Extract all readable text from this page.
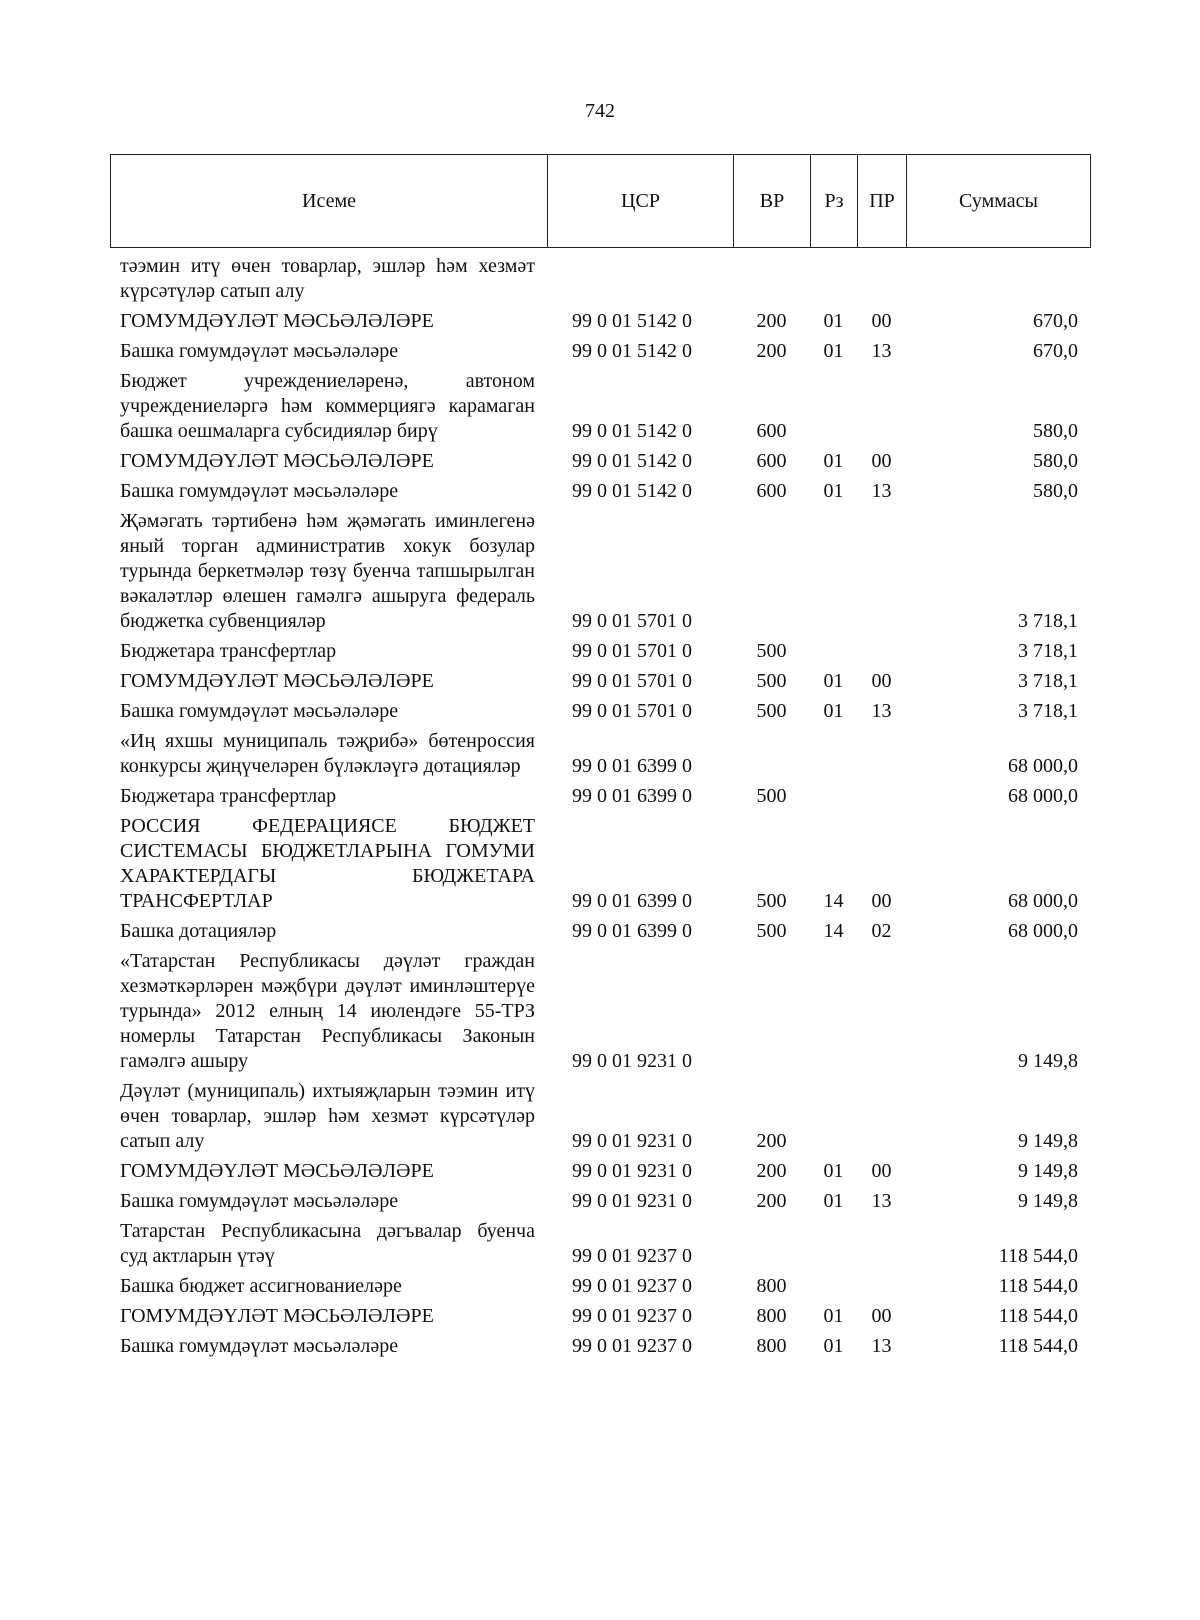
742
Исеме	ЦСР	ВР	Рз	ПР	Суммасы
тәэмин итү өчен товарлар, эшләр һәм хезмәт күрсәтүләр сатып алу					
ГОМУМДӘҮЛӘТ МӘСЬӘЛӘЛӘРЕ	99 0 01 5142 0	200	01	00	670,0
Башка гомумдәүләт мәсьәләләре	99 0 01 5142 0	200	01	13	670,0
Бюджет учреждениеләренә, автоном учреждениеләргә һәм коммерциягә карамаган башка оешмаларга субсидияләр бирү	99 0 01 5142 0	600			580,0
ГОМУМДӘҮЛӘТ МӘСЬӘЛӘЛӘРЕ	99 0 01 5142 0	600	01	00	580,0
Башка гомумдәүләт мәсьәләләре	99 0 01 5142 0	600	01	13	580,0
Җәмәгать тәртибенә һәм җәмәгать иминлегенә яный торган административ хокук бозулар турында беркетмәләр төзү буенча тапшырылган вәкаләтләр өлешен гамәлгә ашыруга федераль бюджетка субвенцияләр	99 0 01 5701 0				3 718,1
Бюджетара трансфертлар	99 0 01 5701 0	500			3 718,1
ГОМУМДӘҮЛӘТ МӘСЬӘЛӘЛӘРЕ	99 0 01 5701 0	500	01	00	3 718,1
Башка гомумдәүләт мәсьәләләре	99 0 01 5701 0	500	01	13	3 718,1
«Иң яхшы муниципаль тәҗрибә» бөтенроссия конкурсы җиңүчеләрен бүләкләүгә дотацияләр	99 0 01 6399 0				68 000,0
Бюджетара трансфертлар	99 0 01 6399 0	500			68 000,0
РОССИЯ ФЕДЕРАЦИЯСЕ БЮДЖЕТ СИСТЕМАСЫ БЮДЖЕТЛАРЫНА ГОМУМИ ХАРАКТЕРДАГЫ БЮДЖЕТАРА ТРАНСФЕРТЛАР	99 0 01 6399 0	500	14	00	68 000,0
Башка дотацияләр	99 0 01 6399 0	500	14	02	68 000,0
«Татарстан Республикасы дәүләт граждан хезмәткәрләрен мәҗбүри дәүләт иминләштерүе турында» 2012 елның 14 июлендәге 55-ТРЗ номерлы Татарстан Республикасы Законын гамәлгә ашыру	99 0 01 9231 0				9 149,8
Дәүләт (муниципаль) ихтыяҗларын тәэмин итү өчен товарлар, эшләр һәм хезмәт күрсәтүләр сатып алу	99 0 01 9231 0	200			9 149,8
ГОМУМДӘҮЛӘТ МӘСЬӘЛӘЛӘРЕ	99 0 01 9231 0	200	01	00	9 149,8
Башка гомумдәүләт мәсьәләләре	99 0 01 9231 0	200	01	13	9 149,8
Татарстан Республикасына дәгъвалар буенча суд актларын үтәү	99 0 01 9237 0				118 544,0
Башка бюджет ассигнованиеләре	99 0 01 9237 0	800			118 544,0
ГОМУМДӘҮЛӘТ МӘСЬӘЛӘЛӘРЕ	99 0 01 9237 0	800	01	00	118 544,0
Башка гомумдәүләт мәсьәләләре	99 0 01 9237 0	800	01	13	118 544,0
